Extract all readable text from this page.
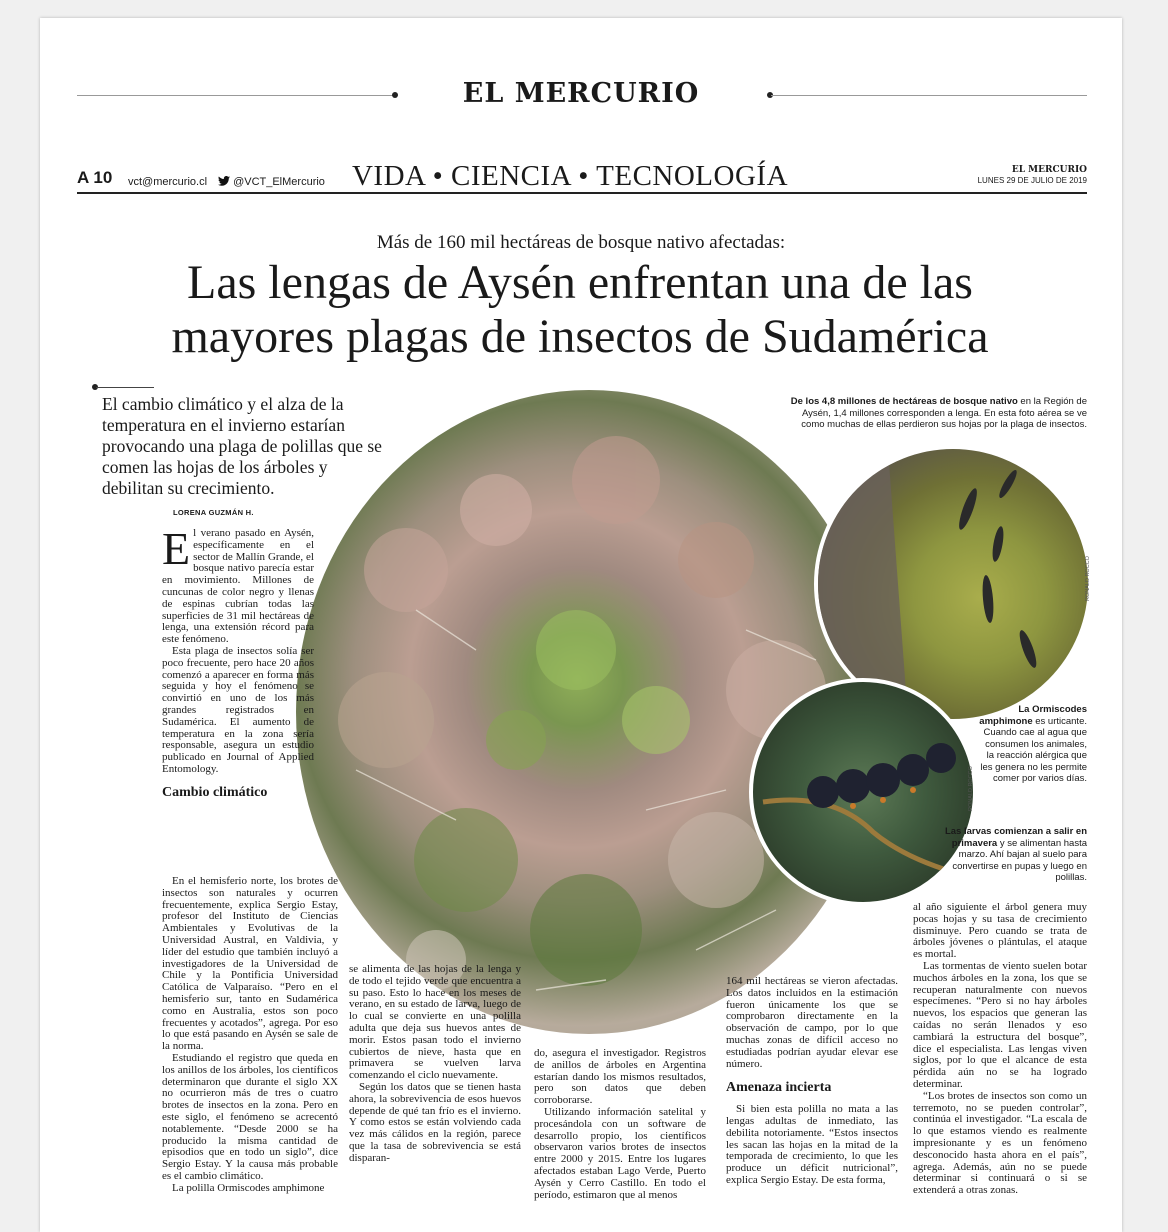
EL MERCURIO
A 10 vct@mercurio.cl	@VCT_ElMercurio VIDA • CIENCIA • TECNOLOGÍA	EL MERCURIO
LUNES 29 DE JULIO DE 2019
Más de 160 mil hectáreas de bosque nativo afectadas:
Las lengas de Aysén enfrentan una de las
mayores plagas de insectos de Sudamérica
El cambio climático y el alza de la temperatura en el invierno estarían provocando una plaga de polillas que se comen las hojas de los árboles y debilitan su crecimiento.
LORENA GUZMÁN H.
De los 4,8 millones de hectáreas de bosque nativo en la Región de Aysén, 1,4 millones corresponden a lenga. En esta foto aérea se ve como muchas de ellas perdieron sus hojas por la plaga de insectos.
RONALD ROCCO
La Ormiscodes amphimone es urticante. Cuando cae al agua que consumen los animales, la reacción alérgica que les genera no les permite comer por varios días.
RONALD ROCCO
Las larvas comienzan a salir en primavera y se alimentan hasta marzo. Ahí bajan al suelo para convertirse en pupas y luego en polillas.

El verano pasado en Aysén, específicamente en el sector de Mallín Grande, el bosque nativo parecía estar en movimiento. Millones de cuncunas de color negro y llenas de espinas cubrían todas las superficies de 31 mil hectáreas de lenga, una extensión récord para este fenómeno.

Esta plaga de insectos solía ser poco frecuente, pero hace 20 años comenzó a aparecer en forma más seguida y hoy el fenómeno se convirtió en uno de los más grandes registrados en Sudamérica. El aumento de temperatura en la zona sería responsable, asegura un estudio publicado en Journal of Applied Entomology.

Cambio climático

En el hemisferio norte, los brotes de insectos son naturales y ocurren frecuentemente, explica Sergio Estay, profesor del Instituto de Ciencias Ambientales y Evolutivas de la Universidad Austral, en Valdivia, y líder del estudio que también incluyó a investigadores de la Universidad de Chile y la Pontificia Universidad Católica de Valparaíso. “Pero en el hemisferio sur, tanto en Sudamérica como en Australia, estos son poco frecuentes y acotados”, agrega. Por eso lo que está pasando en Aysén se sale de la norma.

Estudiando el registro que queda en los anillos de los árboles, los científicos determinaron que durante el siglo XX no ocurrieron más de tres o cuatro brotes de insectos en la zona. Pero en este siglo, el fenómeno se acrecentó notablemente. “Desde 2000 se ha producido la misma cantidad de episodios que en todo un siglo”, dice Sergio Estay. Y la causa más probable es el cambio climático.

La polilla Ormiscodes amphimone

se alimenta de las hojas de la lenga y de todo el tejido verde que encuentra a su paso. Esto lo hace en los meses de verano, en su estado de larva, luego de lo cual se convierte en una polilla adulta que deja sus huevos antes de morir. Estos pasan todo el invierno cubiertos de nieve, hasta que en primavera se vuelven larva comenzando el ciclo nuevamente.

Según los datos que se tienen hasta ahora, la sobrevivencia de esos huevos depende de qué tan frío es el invierno. Y como estos se están volviendo cada vez más cálidos en la región, parece que la tasa de sobrevivencia se está disparan-

do, asegura el investigador. Registros de anillos de árboles en Argentina estarían dando los mismos resultados, pero son datos que deben corroborarse.

Utilizando información satelital y procesándola con un software de desarrollo propio, los científicos observaron varios brotes de insectos entre 2000 y 2015. Entre los lugares afectados estaban Lago Verde, Puerto Aysén y Cerro Castillo. En todo el período, estimaron que al menos

164 mil hectáreas se vieron afectadas. Los datos incluidos en la estimación fueron únicamente los que se comprobaron directamente en la observación de campo, por lo que muchas zonas de difícil acceso no estudiadas podrían ayudar elevar ese número.

Amenaza incierta

Si bien esta polilla no mata a las lengas adultas de inmediato, las debilita notoriamente. “Estos insectos les sacan las hojas en la mitad de la temporada de crecimiento, lo que les produce un déficit nutricional”, explica Sergio Estay. De esta forma,

al año siguiente el árbol genera muy pocas hojas y su tasa de crecimiento disminuye. Pero cuando se trata de árboles jóvenes o plántulas, el ataque es mortal.

Las tormentas de viento suelen botar muchos árboles en la zona, los que se recuperan naturalmente con nuevos especímenes. “Pero si no hay árboles nuevos, los espacios que generan las caídas no serán llenados y eso cambiará la estructura del bosque”, dice el especialista. Las lengas viven siglos, por lo que el alcance de esta pérdida aún no se ha logrado determinar.

“Los brotes de insectos son como un terremoto, no se pueden controlar”, continúa el investigador. “La escala de lo que estamos viendo es realmente impresionante y es un fenómeno desconocido hasta ahora en el país”, agrega. Además, aún no se puede determinar si continuará o si se extenderá a otras zonas.
